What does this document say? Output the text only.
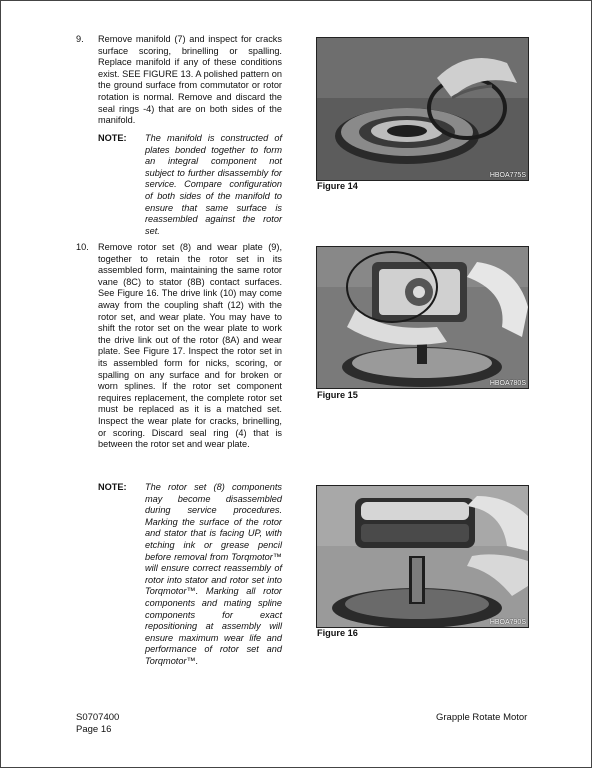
9. Remove manifold (7) and inspect for cracks surface scoring, brinelling or spalling. Replace manifold if any of these conditions exist. SEE FIGURE 13. A polished pattern on the ground surface from commutator or rotor rotation is normal. Remove and discard the seal rings -4) that are on both sides of the manifold.
NOTE: The manifold is constructed of plates bonded together to form an integral component not subject to further disassembly for service. Compare configuration of both sides of the manifold to ensure that same surface is reassembled against the rotor set.
10. Remove rotor set (8) and wear plate (9), together to retain the rotor set in its assembled form, maintaining the same rotor vane (8C) to stator (8B) contact surfaces. See Figure 16. The drive link (10) may come away from the coupling shaft (12) with the rotor set, and wear plate. You may have to shift the rotor set on the wear plate to work the drive link out of the rotor (8A) and wear plate. See Figure 17. Inspect the rotor set in its assembled form for nicks, scoring, or spalling on any surface and for broken or worn splines. If the rotor set component requires replacement, the complete rotor set must be replaced as it is a matched set. Inspect the wear plate for cracks, brinelling, or scoring. Discard seal ring (4) that is between the rotor set and wear plate.
NOTE: The rotor set (8) components may become disassembled during service procedures. Marking the surface of the rotor and stator that is facing UP, with etching ink or grease pencil before removal from Torqmotor™ will ensure correct reassembly of rotor into stator and rotor set into Torqmotor™. Marking all rotor components and mating spline components for exact repositioning at assembly will ensure maximum wear life and performance of rotor set and Torqmotor™.
HBOA775S
Figure 14
HBOA780S
Figure 15
HBOA790S
Figure 16
S0707400
Page 16
Grapple Rotate Motor
